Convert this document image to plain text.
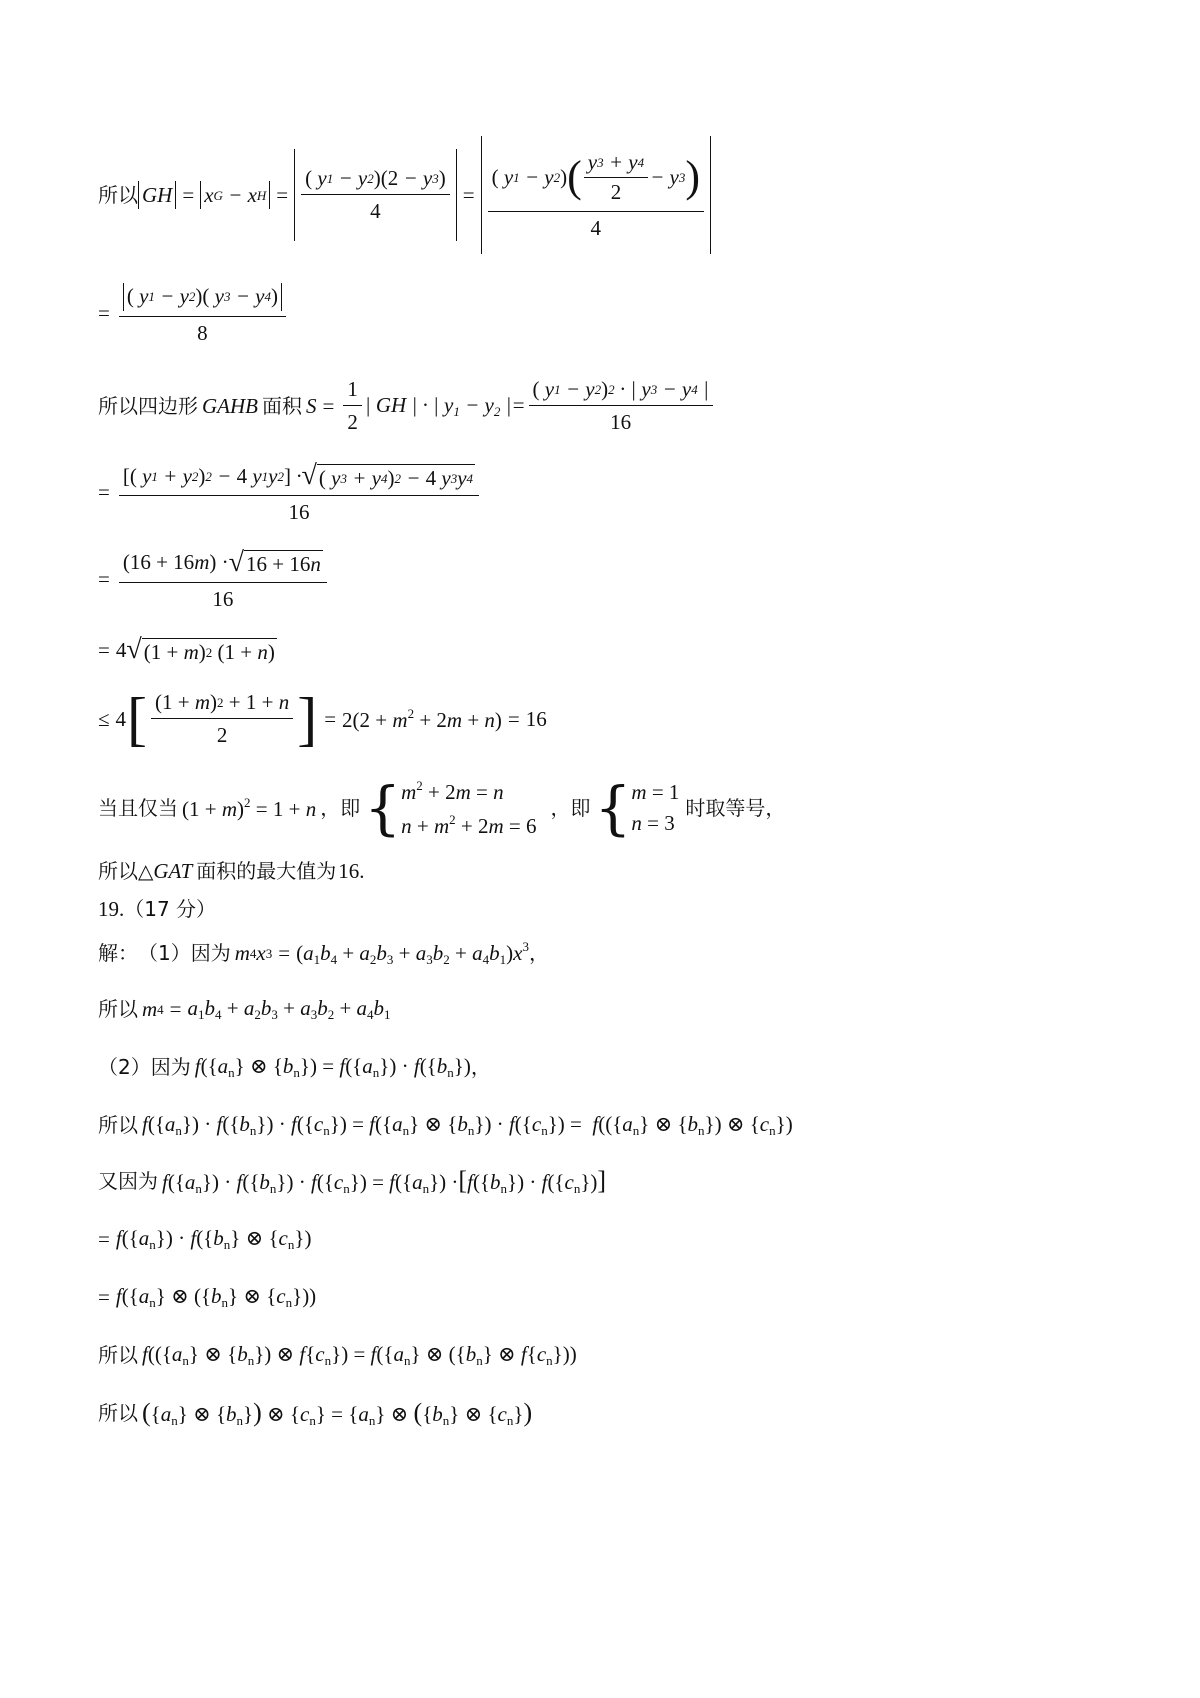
所以 GH = x G − x $H = \frac{( y 1 - y 2 )( 2 - y 3 )}{4}$ =
( y 1 − y 2 ) ( $\frac{y 3 + y 4}{2} - y$ 3 )
4
= $\frac{( y 1 - y 2 )( y 3 - y 4 )}{8}$
所以四边形 GAHB 面积 $S = \frac{1}{2}$ | GH | · | $y_1 - y_2$ |= $\frac{( y 1 - y 2 ) 2 \cdot | y 3 - y 4 |}{16}$
= $\frac{[ ( y 1 + y 2 ) 2 - 4 y 1 y 2 ] \cdot √ ( y 3 + y 4 ) 2 - 4 y 3 y 4}{16}$
= $\frac{(16 + 16m) \cdot √ 16 + 16 n}{16}$
= 4 √ (1 + m ) 2 (1 + n )
≤ 4 [ $\frac{(1 + m ) 2 + 1 + n}{2}$ ] = $2(2 + m^2 + 2m + n) = 16$
当且仅当 $(1 + m)^2 = 1 + n$ ，即 { $m^2 + 2m = n$
$n + m^2 + 2m = 6$
，即 { m = 1
n = 3
时取等号，
所以△ GAT 面积的最大值为 16.
19. （17 分）
解： （1） 因为 m 4 x $3 = (a_1b_4 + a_2b_3 + a_3b_2 + a_4b_1)x^3$ ，
所以 m $4 = a_1b_4 + a_2b_3 + a_3b_2 + a_4b_1$
（2） 因为 $f(\{a_n\}$ ⊗ $\{b_n\}) = f(\{a_n\}) \cdot f(\{b_n\})$ ，
所以 $f(\{a_n\}) \cdot f(\{b_n\}) \cdot f(\{c_n\}) = f(\{a_n\}$ ⊗ $\{b_n\}) \cdot f(\{c_n\}) = f((\{a_n\}$ ⊗ $\{b_n\}$) ⊗ $\{c_n\}$)
又因为 $f(\{a_n\}) \cdot f(\{b_n\}) \cdot f(\{c_n\}) = f(\{a_n\}) \cdot[f(\{b_n\}) \cdot f(\{c_n\})]$
= $f(\{a_n\}) \cdot f(\{b_n\}$ ⊗ $\{c_n\}$)
= $f(\{a_n\}$ ⊗ ($\{b_n\}$ ⊗ $\{c_n\}$))
所以 $f((\{a_n\}$ ⊗ $\{b_n\}$) ⊗ $f\{c_n\}) = f(\{a_n\}$ ⊗ ($\{b_n\}$ ⊗ $f\{c_n\}$))
所以 ($\{a_n\}$ ⊗ $\{b_n\}$) ⊗ $\{c_n\} = \{a_n\}$ ⊗ ($\{b_n\}$ ⊗ $\{c_n\}$)
